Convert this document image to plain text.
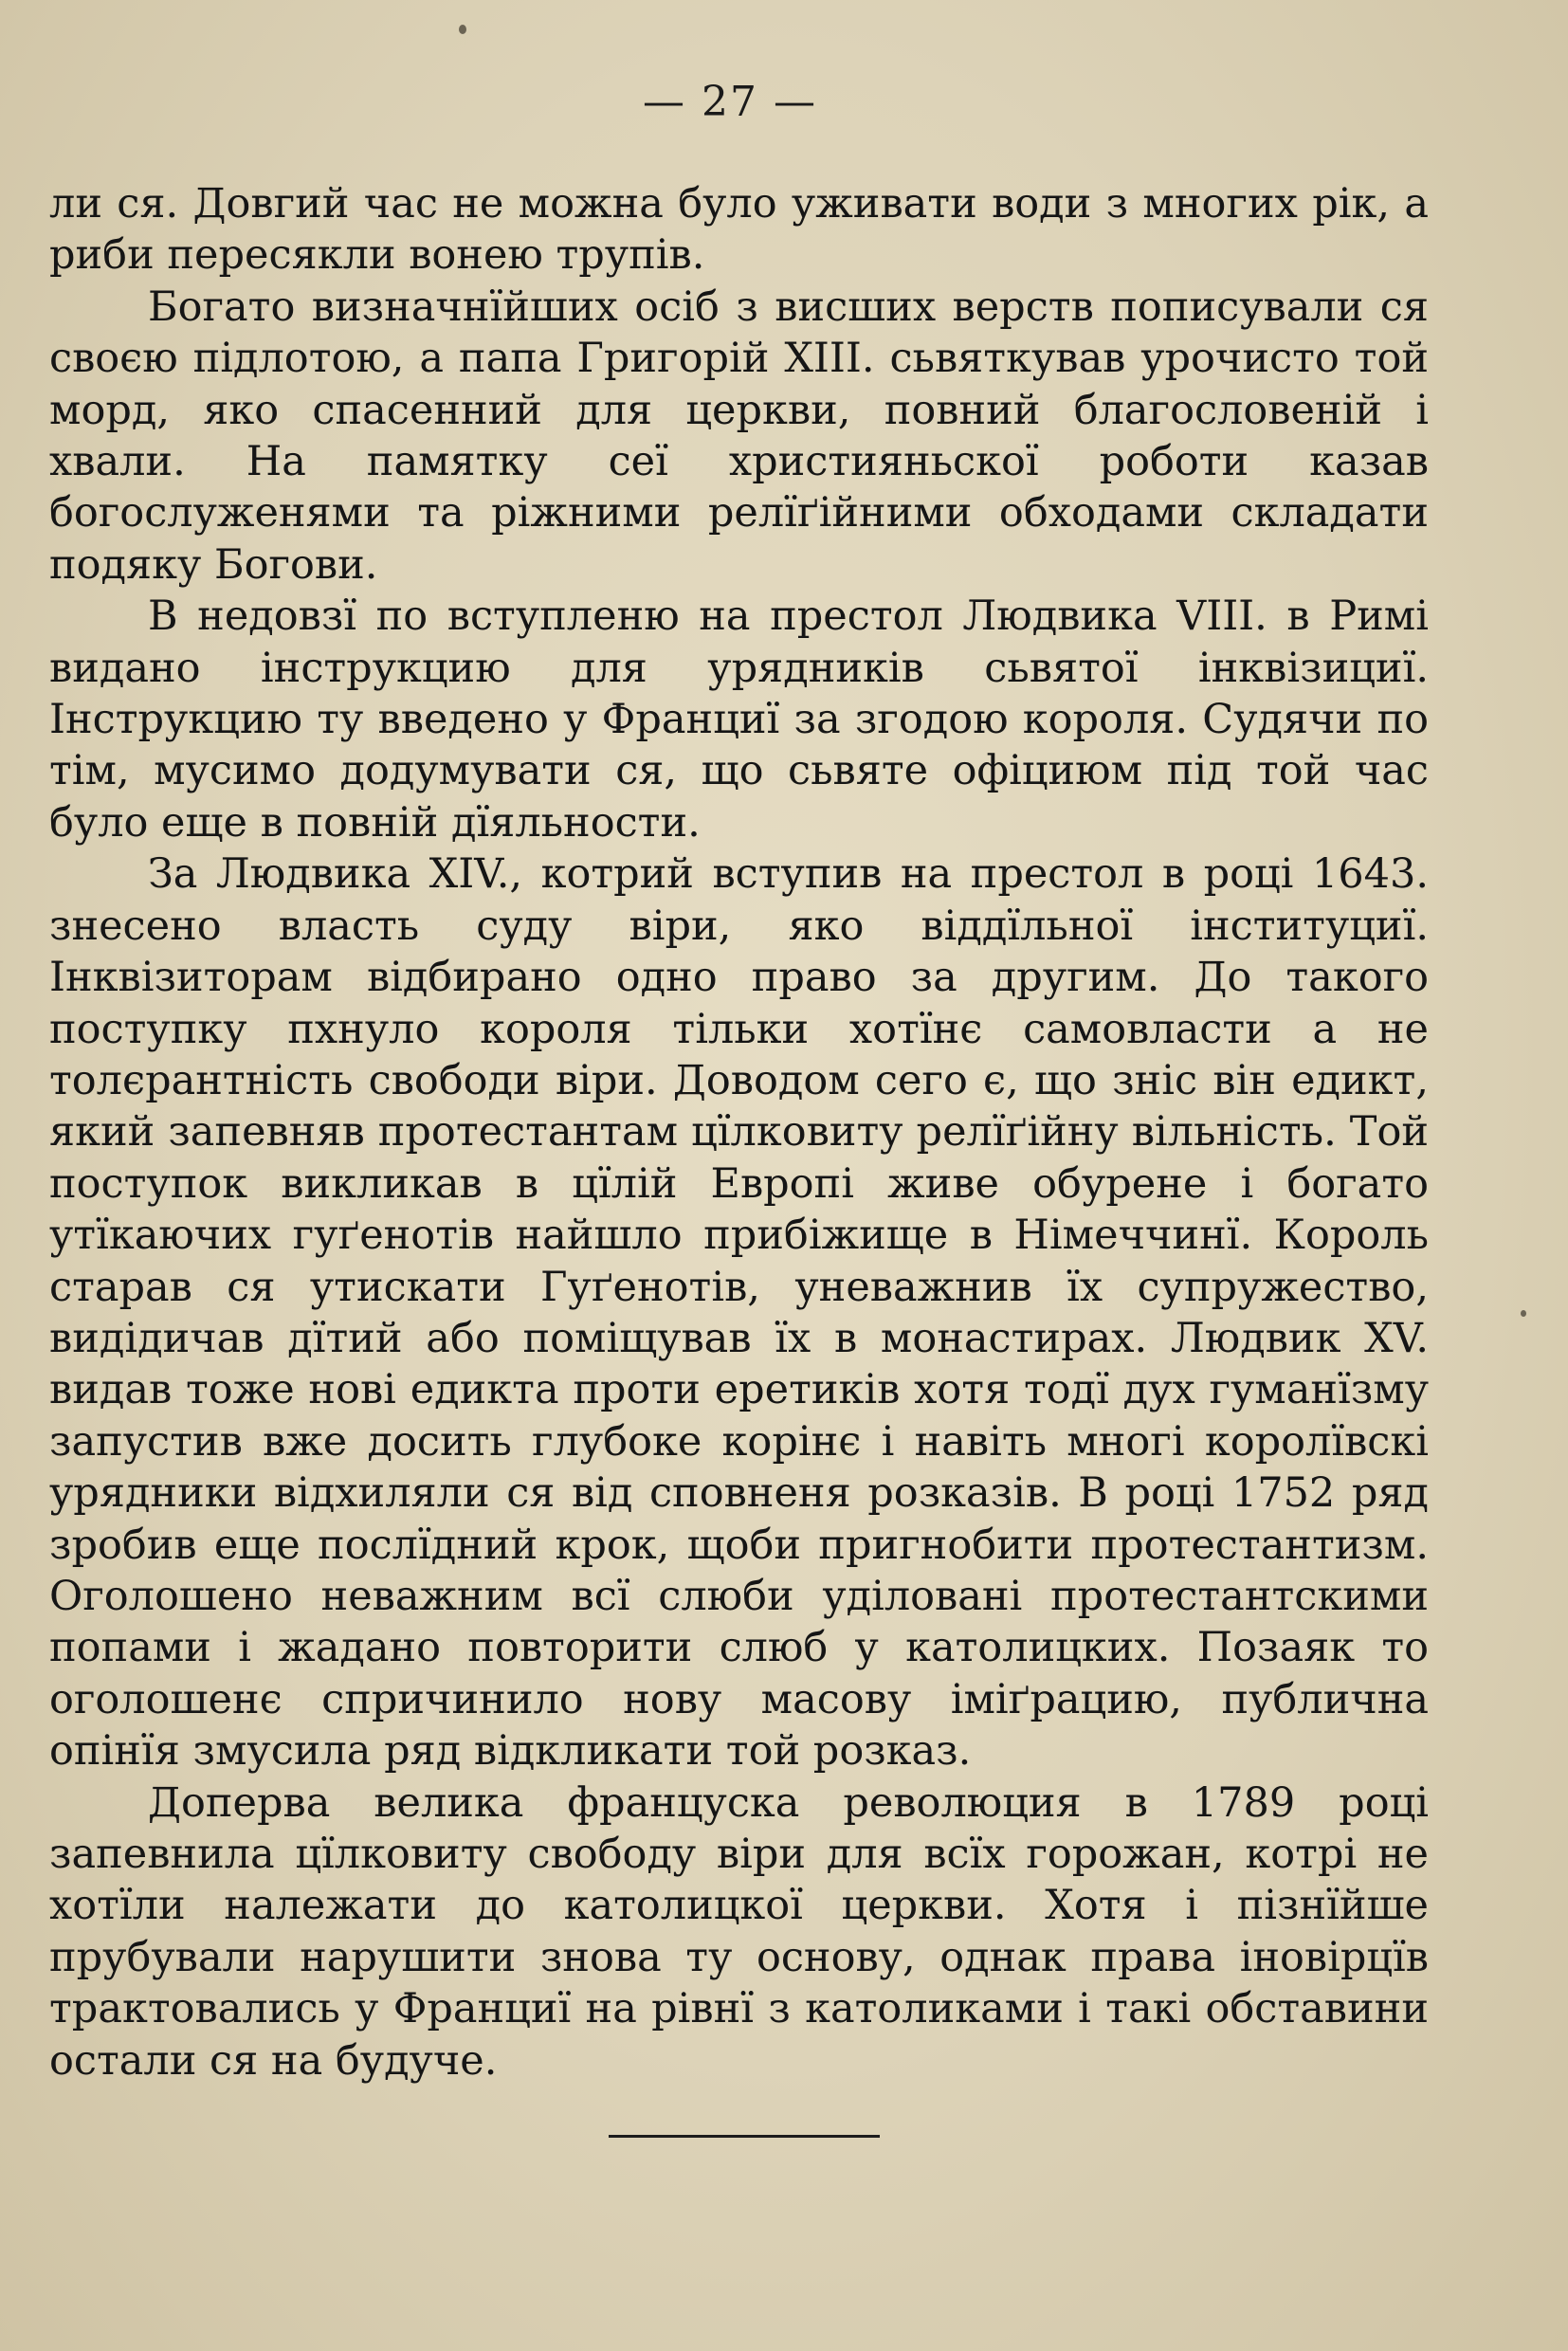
— 27 —

ли ся. Довгий час не можна було уживати води з многих рік, а риби пересякли вонею трупів.

Богато визначнїйших осіб з висших верств пописували ся своєю підлотою, а папа Григорій XIII. сьвяткував урочисто той морд, яко спасенний для церкви, повний благословеній і хвали. На памятку сеї християньскої роботи казав богослуженями та ріжними релїґійними обходами складати подяку Богови.

В недовзї по вступленю на престол Людвика VIII. в Римі видано інструкцию для урядників сьвятої інквізициї. Інструкцию ту введено у Франциї за згодою короля. Судячи по тім, мусимо додумувати ся, що сьвяте офіциюм під той час було еще в повній дїяльности.

За Людвика XIV., котрий вступив на престол в році 1643. знесено власть суду віри, яко віддїльної інституциї. Інквізиторам відбирано одно право за другим. До такого поступку пхнуло короля тільки хотїнє самовласти а не толєрантність свободи віри. Доводом сего є, що зніс він едикт, який запевняв протестантам цїлковиту релїґійну вільність. Той поступок викликав в цїлій Европі живе обурене і богато утїкаючих гуґенотів найшло прибіжище в Німеччинї. Король старав ся утискати Гуґенотів, уневажнив їх супружество, видідичав дїтий або поміщував їх в монастирах. Людвик XV. видав тоже нові едикта проти еретиків хотя тодї дух гуманїзму запустив вже досить глубоке корінє і навіть многі королївскі урядники відхиляли ся від сповненя розказів. В році 1752 ряд зробив еще послїдний крок, щоби пригнобити протестантизм. Оголошено неважним всї слюби уділовані протестантскими попами і жадано повторити слюб у католицких. Позаяк то оголошенє спричинило нову масову іміґрацию, публична опінїя змусила ряд відкликати той розказ.

Доперва велика францускa революция в 1789 році запевнила цїлковиту свободу віри для всїх горожан, котрі не хотїли належати до католицкої церкви. Хотя і пізнїйше прубували нарушити знова ту основу, однак права іновірцїв трактовались у Франциї на рівнї з католиками і такі обставини остали ся на будуче.
